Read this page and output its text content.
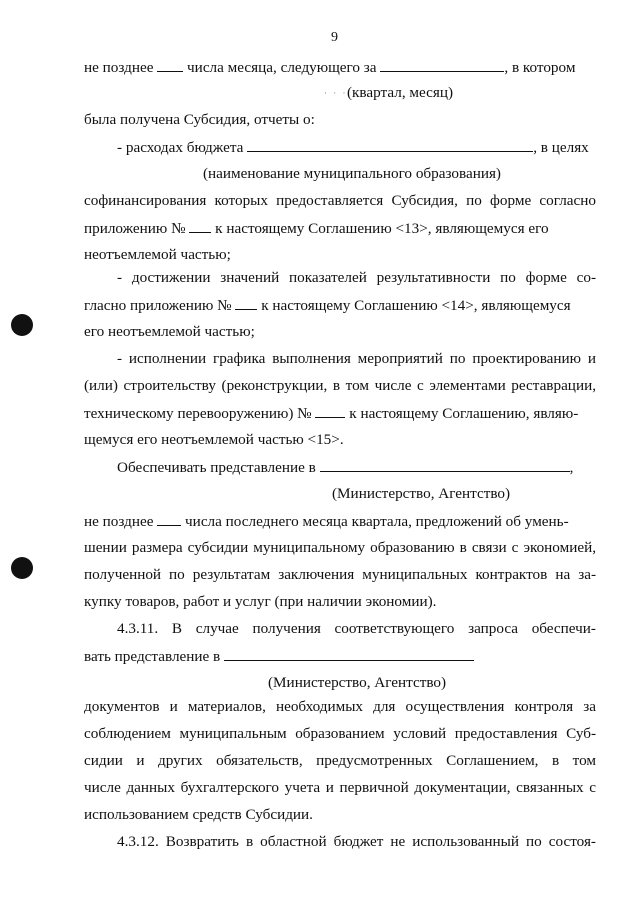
9
не позднее  числа месяца, следующего за	, в котором
· · · (квартал, месяц)
была получена Субсидия, отчеты о:
- расходах бюджета	, в целях
(наименование муниципального образования)
софинансирования которых предоставляется Субсидия, по форме согласно
приложению №  к настоящему Соглашению <13>, являющемуся его
неотъемлемой частью;
- достижении значений показателей результативности по форме со-
гласно приложению №  к настоящему Соглашению <14>, являющемуся
его неотъемлемой частью;
- исполнении графика выполнения мероприятий по проектированию и
(или) строительству (реконструкции, в том числе с элементами реставрации,
техническому перевооружению) №  к настоящему Соглашению, являю-
щемуся его неотъемлемой частью <15>.
Обеспечивать представление в	,
(Министерство, Агентство)
не позднее  числа последнего месяца квартала, предложений об умень-
шении размера субсидии муниципальному образованию в связи с экономией,
полученной по результатам заключения муниципальных контрактов на за-
купку товаров, работ и услуг (при наличии экономии).
4.3.11. В случае получения соответствующего запроса обеспечи-
вать представление в
(Министерство, Агентство)
документов и материалов, необходимых для осуществления контроля за
соблюдением муниципальным образованием условий предоставления Суб-
сидии и других обязательств, предусмотренных Соглашением, в том
числе данных бухгалтерского учета и первичной документации, связанных с
использованием средств Субсидии.
4.3.12. Возвратить в областной бюджет не использованный по состоя-
